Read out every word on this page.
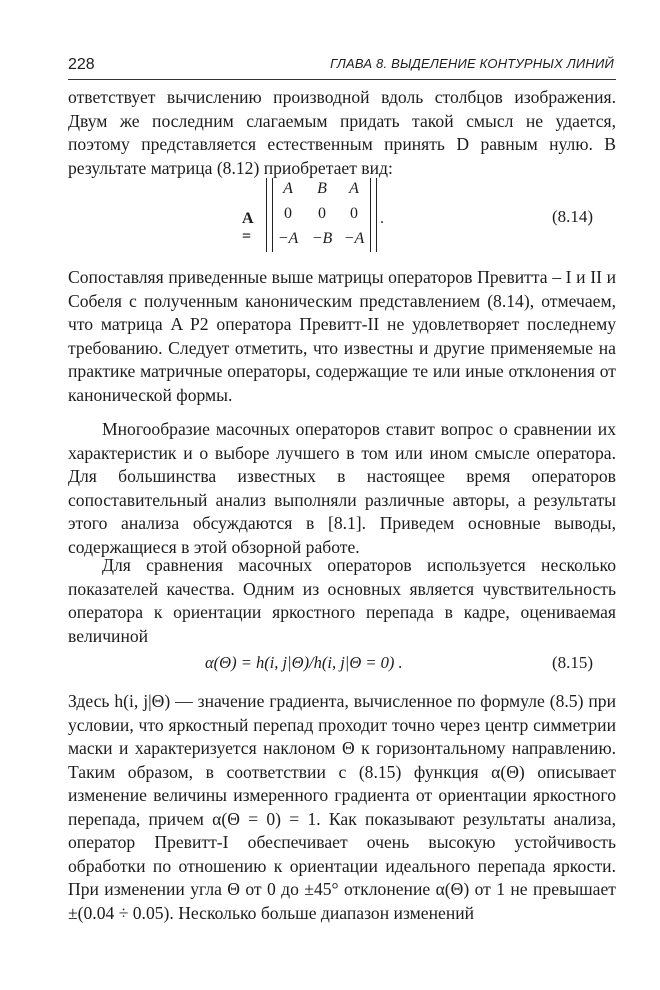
228	ГЛАВА 8. ВЫДЕЛЕНИЕ КОНТУРНЫХ ЛИНИЙ

ответствует вычислению производной вдоль столбцов изображения. Двум же последним слагаемым придать такой смысл не удается, поэтому представляется естественным принять D равным нулю. В результате матрица (8.12) приобретает вид:

A =
A	B	A
0	0	0
−A −B −A
.	(8.14)

Сопоставляя приведенные выше матрицы операторов Превитта – I и II и Собеля с полученным каноническим представлением (8.14), отмечаем, что матрица A P2 оператора Превитт-II не удовлетворяет последнему требованию. Следует отметить, что известны и другие применяемые на практике матричные операторы, содержащие те или иные отклонения от канонической формы.

Многообразие масочных операторов ставит вопрос о сравнении их характеристик и о выборе лучшего в том или ином смысле оператора. Для большинства известных в настоящее время операторов сопоставительный анализ выполняли различные авторы, а результаты этого анализа обсуждаются в [8.1]. Приведем основные выводы, содержащиеся в этой обзорной работе.

Для сравнения масочных операторов используется несколько показателей качества. Одним из основных является чувствительность оператора к ориентации яркостного перепада в кадре, оцениваемая величиной

α(Θ) = h(i, j|Θ)/h(i, j|Θ = 0) .	(8.15)

Здесь h(i, j|Θ) — значение градиента, вычисленное по формуле (8.5) при условии, что яркостный перепад проходит точно через центр симметрии маски и характеризуется наклоном Θ к горизонтальному направлению. Таким образом, в соответствии с (8.15) функция α(Θ) описывает изменение величины измеренного градиента от ориентации яркостного перепада, причем α(Θ = 0) = 1. Как показывают результаты анализа, оператор Превитт-I обеспечивает очень высокую устойчивость обработки по отношению к ориентации идеального перепада яркости. При изменении угла Θ от 0 до ±45° отклонение α(Θ) от 1 не превышает ±(0.04 ÷ 0.05). Несколько больше диапазон изменений
